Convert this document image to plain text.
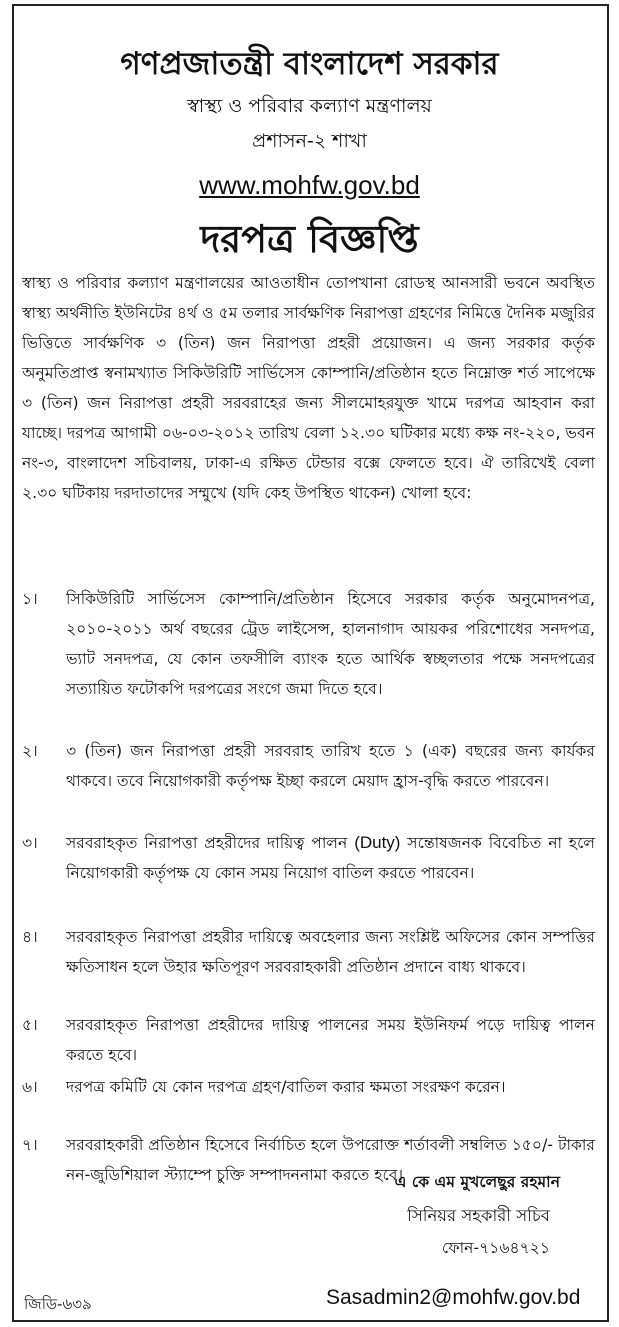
গণপ্রজাতন্ত্রী বাংলাদেশ সরকার
স্বাস্থ্য ও পরিবার কল্যাণ মন্ত্রণালয়
প্রশাসন-২ শাখা
www.mohfw.gov.bd
দরপত্র বিজ্ঞপ্তি
স্বাস্থ্য ও পরিবার কল্যাণ মন্ত্রণালয়ের আওতাধীন তোপখানা রোডস্থ আনসারী ভবনে অবস্থিত স্বাস্থ্য অর্থনীতি ইউনিটের ৪র্থ ও ৫ম তলার সার্বক্ষণিক নিরাপত্তা গ্রহণের নিমিত্তে দৈনিক মজুরির ভিত্তিতে সার্বক্ষণিক ৩ (তিন) জন নিরাপত্তা প্রহরী প্রয়োজন। এ জন্য সরকার কর্তৃক অনুমতিপ্রাপ্ত স্বনামখ্যাত সিকিউরিটি সার্ভিসেস কোম্পানি/প্রতিষ্ঠান হতে নিম্নোক্ত শর্ত সাপেক্ষে ৩ (তিন) জন নিরাপত্তা প্রহরী সরবরাহের জন্য সীলমোহরযুক্ত খামে দরপত্র আহবান করা যাচ্ছে। দরপত্র আগামী ০৬-০৩-২০১২ তারিখ বেলা ১২.৩০ ঘটিকার মধ্যে কক্ষ নং-২২০, ভবন নং-৩, বাংলাদেশ সচিবালয়, ঢাকা-এ রক্ষিত টেন্ডার বক্সে ফেলতে হবে। ঐ তারিখেই বেলা ২.৩০ ঘটিকায় দরদাতাদের সম্মুখে (যদি কেহ উপস্থিত থাকেন) খোলা হবে:
১।	সিকিউরিটি সার্ভিসেস কোম্পানি/প্রতিষ্ঠান হিসেবে সরকার কর্তৃক অনুমোদনপত্র, ২০১০-২০১১ অর্থ বছরের ট্রেড লাইসেন্স, হালনাগাদ আয়কর পরিশোধের সনদপত্র, ভ্যাট সনদপত্র, যে কোন তফসীলি ব্যাংক হতে আর্থিক স্বচ্ছলতার পক্ষে সনদপত্রের সত্যায়িত ফটোকপি দরপত্রের সংগে জমা দিতে হবে।
২।	৩ (তিন) জন নিরাপত্তা প্রহরী সরবরাহ তারিখ হতে ১ (এক) বছরের জন্য কার্যকর থাকবে। তবে নিয়োগকারী কর্তৃপক্ষ ইচ্ছা করলে মেয়াদ হ্রাস-বৃদ্ধি করতে পারবেন।
৩।	সরবরাহকৃত নিরাপত্তা প্রহরীদের দায়িত্ব পালন (Duty) সন্তোষজনক বিবেচিত না হলে নিয়োগকারী কর্তৃপক্ষ যে কোন সময় নিয়োগ বাতিল করতে পারবেন।
৪।	সরবরাহকৃত নিরাপত্তা প্রহরীর দায়িত্বে অবহেলার জন্য সংশ্লিষ্ট অফিসের কোন সম্পত্তির ক্ষতিসাধন হলে উহার ক্ষতিপূরণ সরবরাহকারী প্রতিষ্ঠান প্রদানে বাধ্য থাকবে।
৫।	সরবরাহকৃত নিরাপত্তা প্রহরীদের দায়িত্ব পালনের সময় ইউনিফর্ম পড়ে দায়িত্ব পালন করতে হবে।
৬।	দরপত্র কমিটি যে কোন দরপত্র গ্রহণ/বাতিল করার ক্ষমতা সংরক্ষণ করেন।
৭।	সরবরাহকারী প্রতিষ্ঠান হিসেবে নির্বাচিত হলে উপরোক্ত শর্তাবলী সম্বলিত ১৫০/- টাকার নন-জুডিশিয়াল স্ট্যাম্পে চুক্তি সম্পাদননামা করতে হবে।
এ কে এম মুখলেছুর রহমান
সিনিয়র সহকারী সচিব
ফোন-৭১৬৪৭২১
Sasadmin2@mohfw.gov.bd
জিডি-৬৩৯
